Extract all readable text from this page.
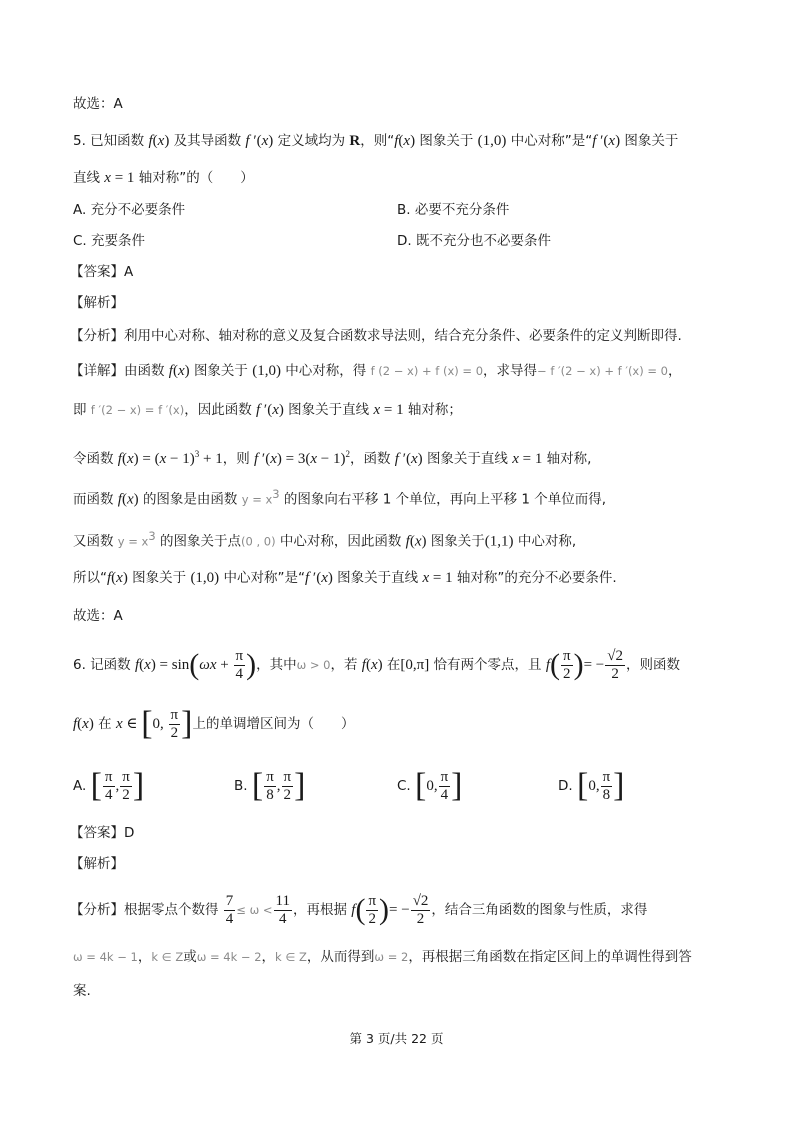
故选：A
5. 已知函数 f(x) 及其导函数 f ′(x) 定义域均为 R，则“f(x) 图象关于 (1,0) 中心对称”是“f ′(x) 图象关于
直线 x = 1 轴对称”的（　　）
A. 充分不必要条件	B. 必要不充分条件
C. 充要条件	D. 既不充分也不必要条件
【答案】A
【解析】
【分析】利用中心对称、轴对称的意义及复合函数求导法则，结合充分条件、必要条件的定义判断即得.
【详解】由函数 f(x) 图象关于 (1,0) 中心对称，得 f (2 − x) + f (x) = 0，求导得− f ′(2 − x) + f ′(x) = 0，
即 f ′(2 − x) = f ′(x)，因此函数 f ′(x) 图象关于直线 x = 1 轴对称；
令函数 $f(x) = (x - 1)^3 + 1$，则 f $'(x) = 3(x - 1)^2$，函数 f ′(x) 图象关于直线 x = 1 轴对称,
而函数 f(x) 的图象是由函数 $y = x^3$ 的图象向右平移 1 个单位，再向上平移 1 个单位而得,
又函数 $y = x^3$ 的图象关于点(0 , 0) 中心对称，因此函数 f(x) 图象关于(1,1) 中心对称,
所以“f(x) 图象关于 (1,0) 中心对称”是“f ′(x) 图象关于直线 x = 1 轴对称”的充分不必要条件.
故选：A
6. 记函数 $f(x) = \sin(\omega x + \frac{\pi}{4}$ )，其中ω > 0，若 f(x) 在[0,π] 恰有两个零点，且 $f( \frac{\pi}{2}$ )= − $\frac{√2}{2}$ ，则函数
f(x) 在 x ∈ [0, $\frac{\pi}{2}$ ]上的单调增区间为（　　）
A. [ $\frac{\pi}{4}$ , $\frac{\pi}{2}$ ]	B. [ $\frac{\pi}{8}$ , $\frac{\pi}{2}$ ]	C. [0, $\frac{\pi}{4}$ ]	D. [0, $\frac{\pi}{8}$ ]
【答案】D
【解析】
【分析】根据零点个数得 $\frac{7}{4} \le \omega < \frac{11}{4}$ ，再根据 $f( \frac{\pi}{2}$ )= − $\frac{√2}{2}$ ，结合三角函数的图象与性质，求得
ω = 4k − 1，k ∈ Z或ω = 4k − 2，k ∈ Z，从而得到ω = 2，再根据三角函数在指定区间上的单调性得到答
案.
第 3 页/共 22 页
